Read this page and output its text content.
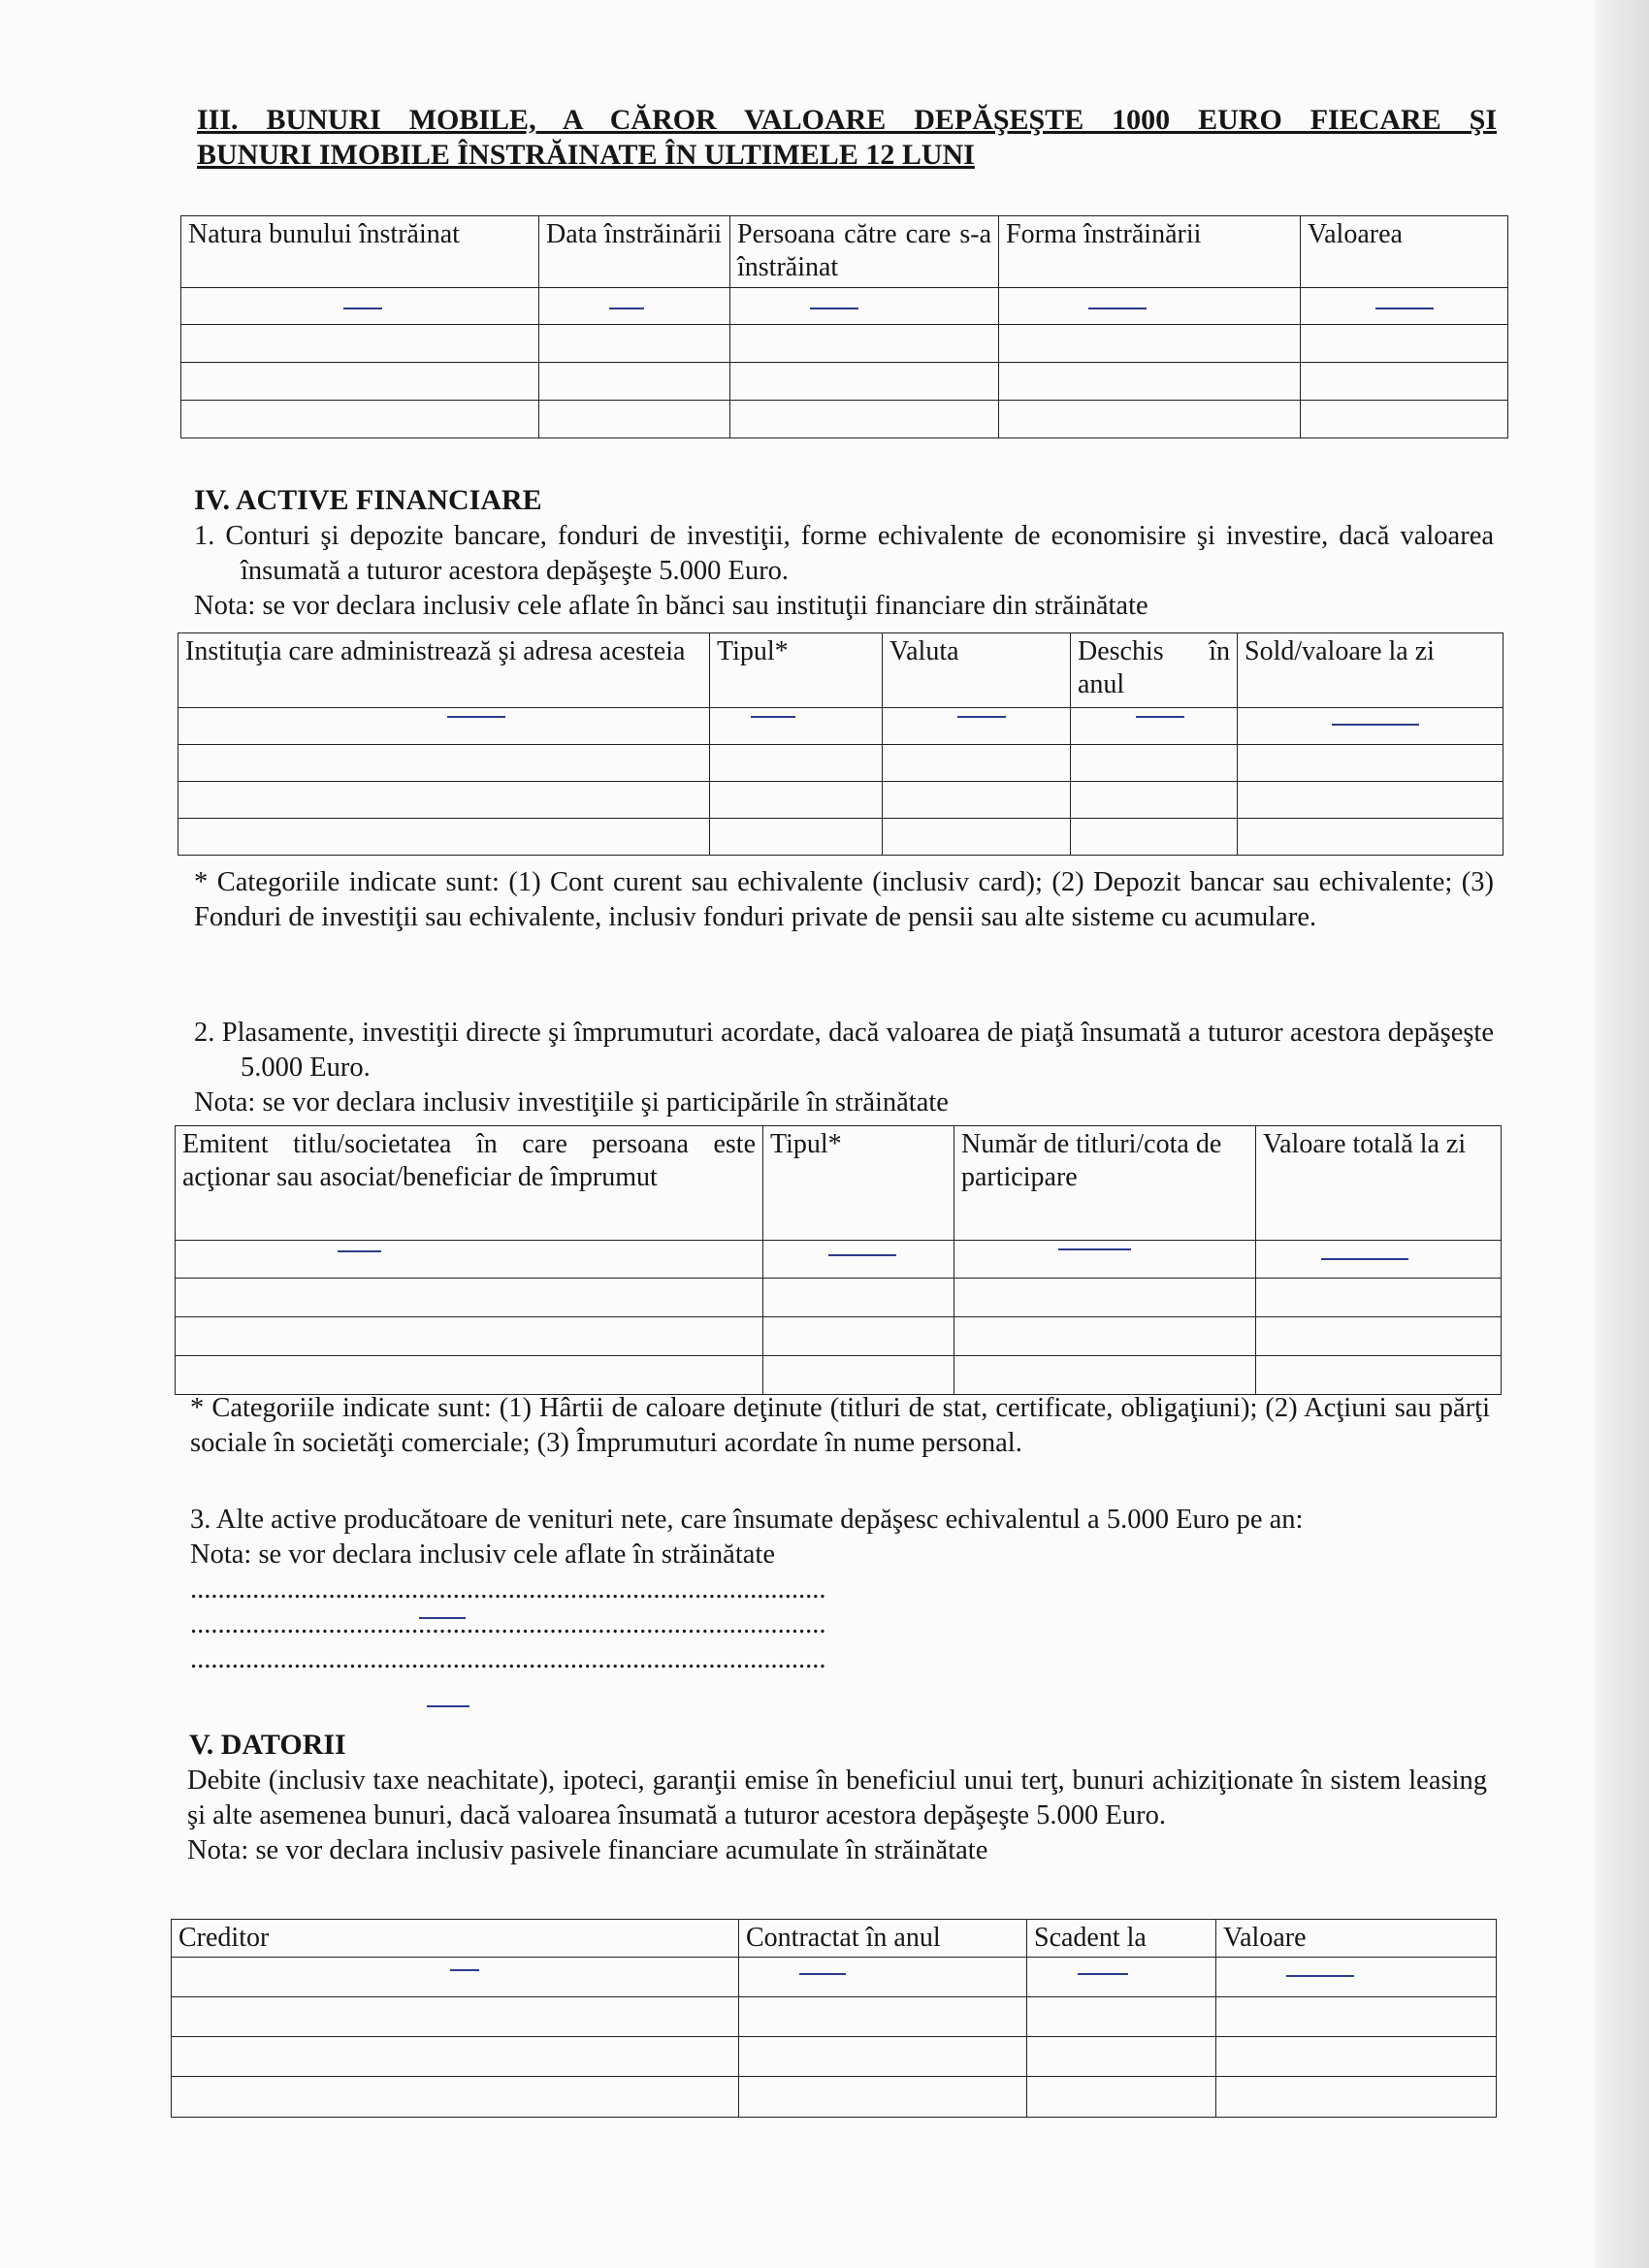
III. BUNURI MOBILE, A CĂROR VALOARE DEPĂŞEŞTE 1000 EURO FIECARE ŞI
BUNURI IMOBILE ÎNSTRĂINATE ÎN ULTIMELE 12 LUNI
Natura bunului înstrăinat	Data înstrăinării	Persoana către care s-a înstrăinat	Forma înstrăinării	Valoarea

IV. ACTIVE FINANCIARE

1. Conturi şi depozite bancare, fonduri de investiţii, forme echivalente de economisire şi investire, dacă valoarea însumată a tuturor acestora depăşeşte 5.000 Euro.

Nota: se vor declara inclusiv cele aflate în bănci sau instituţii financiare din străinătate

Instituţia care administrează şi adresa acesteia	Tipul*	Valuta	Deschis în anul	Sold/valoare la zi

* Categoriile indicate sunt: (1) Cont curent sau echivalente (inclusiv card); (2) Depozit bancar sau echivalente; (3) Fonduri de investiţii sau echivalente, inclusiv fonduri private de pensii sau alte sisteme cu acumulare.

2. Plasamente, investiţii directe şi împrumuturi acordate, dacă valoarea de piaţă însumată a tuturor acestora depăşeşte 5.000 Euro.

Nota: se vor declara inclusiv investiţiile şi participările în străinătate

Emitent titlu/societatea în care persoana este acţionar sau asociat/beneficiar de împrumut	Tipul*	Număr de titluri/cota de participare	Valoare totală la zi

* Categoriile indicate sunt: (1) Hârtii de caloare deţinute (titluri de stat, certificate, obligaţiuni); (2) Acţiuni sau părţi sociale în societăţi comerciale; (3) Împrumuturi acordate în nume personal.

3. Alte active producătoare de venituri nete, care însumate depăşesc echivalentul a 5.000 Euro pe an:

Nota: se vor declara inclusiv cele aflate în străinătate

............................................................................................
............................................................................................
............................................................................................
V. DATORII

Debite (inclusiv taxe neachitate), ipoteci, garanţii emise în beneficiul unui terţ, bunuri achiziţionate în sistem leasing şi alte asemenea bunuri, dacă valoarea însumată a tuturor acestora depăşeşte 5.000 Euro.

Nota: se vor declara inclusiv pasivele financiare acumulate în străinătate

Creditor	Contractat în anul	Scadent la	Valoare
